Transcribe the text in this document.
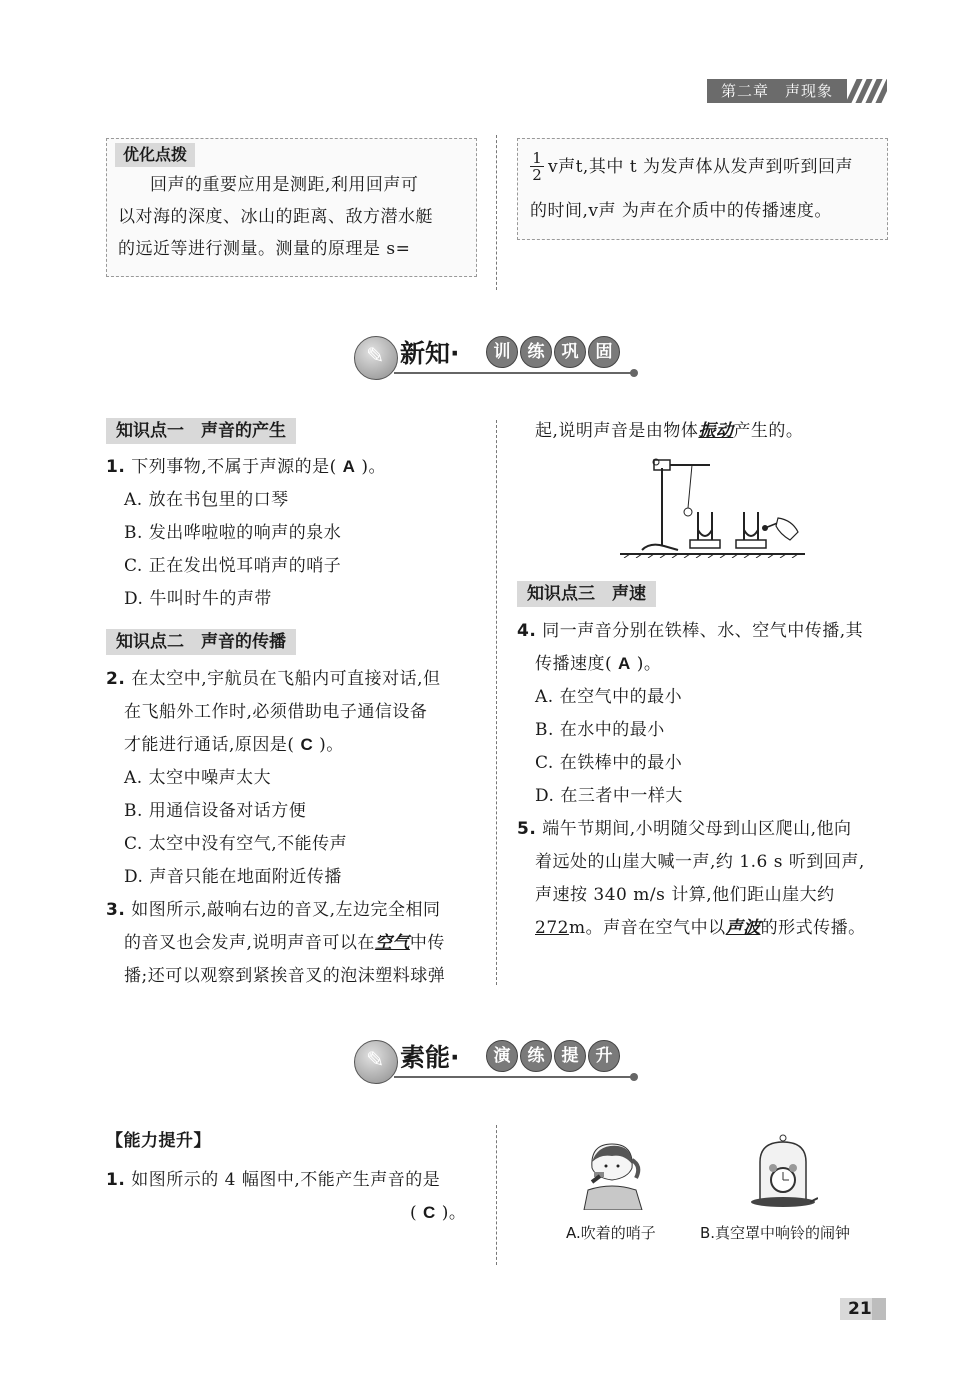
第二章　声现象
优化点拨
回声的重要应用是测距,利用回声可
以对海的深度、冰山的距离、敌方潜水艇
的远近等进行测量。测量的原理是 s=
$\frac{1}{2}$ v声t,其中 t 为发声体从发声到听到回声
的时间,v声 为声在介质中的传播速度。
✎ 新知·	训 练 巩 固
知识点一　声音的产生
1. 下列事物,不属于声源的是( A )。
A. 放在书包里的口琴
B. 发出哗啦啦的响声的泉水
C. 正在发出悦耳哨声的哨子
D. 牛叫时牛的声带
知识点二　声音的传播
2. 在太空中,宇航员在飞船内可直接对话,但
在飞船外工作时,必须借助电子通信设备
才能进行通话,原因是( C )。
A. 太空中噪声太大
B. 用通信设备对话方便
C. 太空中没有空气,不能传声
D. 声音只能在地面附近传播
3. 如图所示,敲响右边的音叉,左边完全相同
的音叉也会发声,说明声音可以在空气中传
播;还可以观察到紧挨音叉的泡沫塑料球弹
起,说明声音是由物体振动产生的。
知识点三　声速
4. 同一声音分别在铁棒、水、空气中传播,其
传播速度( A )。
A. 在空气中的最小
B. 在水中的最小
C. 在铁棒中的最小
D. 在三者中一样大
5. 端午节期间,小明随父母到山区爬山,他向
着远处的山崖大喊一声,约 1.6 s 听到回声,
声速按 340 m/s 计算,他们距山崖大约
272m。声音在空气中以声波的形式传播。
✎ 素能·	演 练 提 升
【能力提升】
1. 如图所示的 4 幅图中,不能产生声音的是
( C )。
A.吹着的哨子	B.真空罩中响铃的闹钟
21
